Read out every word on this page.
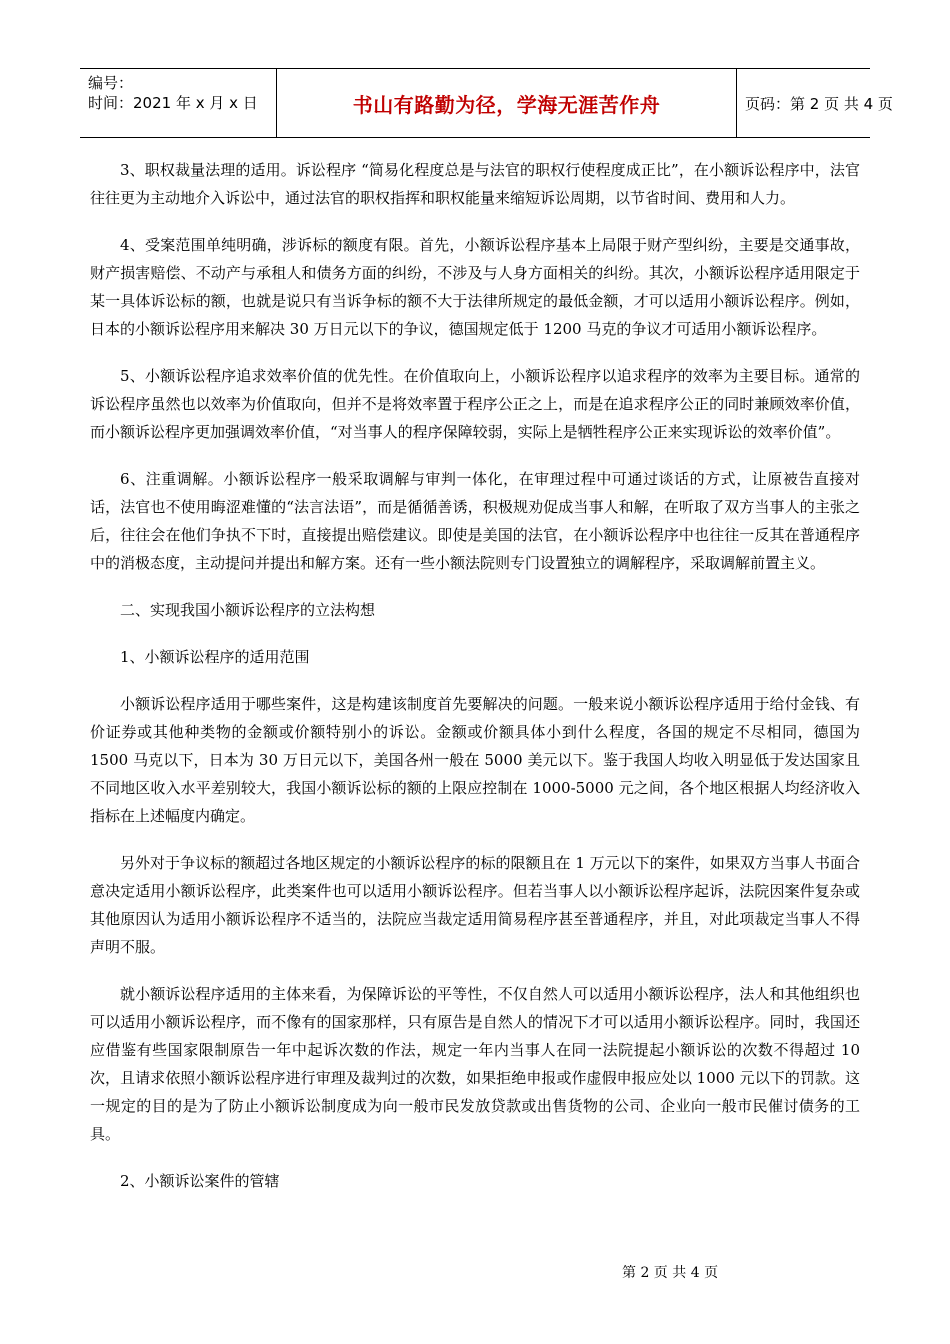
编号：
时间：2021 年 x 月 x 日	书山有路勤为径，学海无涯苦作舟	页码：第 2 页 共 4 页

3、职权裁量法理的适用。诉讼程序 “简易化程度总是与法官的职权行使程度成正比”，在小额诉讼程序中，法官往往更为主动地介入诉讼中，通过法官的职权指挥和职权能量来缩短诉讼周期，以节省时间、费用和人力。

4、受案范围单纯明确，涉诉标的额度有限。首先，小额诉讼程序基本上局限于财产型纠纷，主要是交通事故，财产损害赔偿、不动产与承租人和债务方面的纠纷，不涉及与人身方面相关的纠纷。其次，小额诉讼程序适用限定于某一具体诉讼标的额，也就是说只有当诉争标的额不大于法律所规定的最低金额，才可以适用小额诉讼程序。例如，日本的小额诉讼程序用来解决 30 万日元以下的争议，德国规定低于 1200 马克的争议才可适用小额诉讼程序。

5、小额诉讼程序追求效率价值的优先性。在价值取向上，小额诉讼程序以追求程序的效率为主要目标。通常的诉讼程序虽然也以效率为价值取向，但并不是将效率置于程序公正之上，而是在追求程序公正的同时兼顾效率价值，而小额诉讼程序更加强调效率价值，“对当事人的程序保障较弱，实际上是牺牲程序公正来实现诉讼的效率价值”。

6、注重调解。小额诉讼程序一般采取调解与审判一体化，在审理过程中可通过谈话的方式，让原被告直接对话，法官也不使用晦涩难懂的“法言法语”，而是循循善诱，积极规劝促成当事人和解，在听取了双方当事人的主张之后，往往会在他们争执不下时，直接提出赔偿建议。即使是美国的法官，在小额诉讼程序中也往往一反其在普通程序中的消极态度，主动提问并提出和解方案。还有一些小额法院则专门设置独立的调解程序，采取调解前置主义。

二、实现我国小额诉讼程序的立法构想

1、小额诉讼程序的适用范围

小额诉讼程序适用于哪些案件，这是构建该制度首先要解决的问题。一般来说小额诉讼程序适用于给付金钱、有价证券或其他种类物的金额或价额特别小的诉讼。金额或价额具体小到什么程度，各国的规定不尽相同，德国为 1500 马克以下，日本为 30 万日元以下，美国各州一般在 5000 美元以下。鉴于我国人均收入明显低于发达国家且不同地区收入水平差别较大，我国小额诉讼标的额的上限应控制在 1000-5000 元之间，各个地区根据人均经济收入指标在上述幅度内确定。

另外对于争议标的额超过各地区规定的小额诉讼程序的标的限额且在 1 万元以下的案件，如果双方当事人书面合意决定适用小额诉讼程序，此类案件也可以适用小额诉讼程序。但若当事人以小额诉讼程序起诉，法院因案件复杂或其他原因认为适用小额诉讼程序不适当的，法院应当裁定适用简易程序甚至普通程序，并且，对此项裁定当事人不得声明不服。

就小额诉讼程序适用的主体来看，为保障诉讼的平等性，不仅自然人可以适用小额诉讼程序，法人和其他组织也可以适用小额诉讼程序，而不像有的国家那样，只有原告是自然人的情况下才可以适用小额诉讼程序。同时，我国还应借鉴有些国家限制原告一年中起诉次数的作法，规定一年内当事人在同一法院提起小额诉讼的次数不得超过 10 次，且请求依照小额诉讼程序进行审理及裁判过的次数，如果拒绝申报或作虚假申报应处以 1000 元以下的罚款。这一规定的目的是为了防止小额诉讼制度成为向一般市民发放贷款或出售货物的公司、企业向一般市民催讨债务的工具。

2、小额诉讼案件的管辖

第 2 页 共 4 页
